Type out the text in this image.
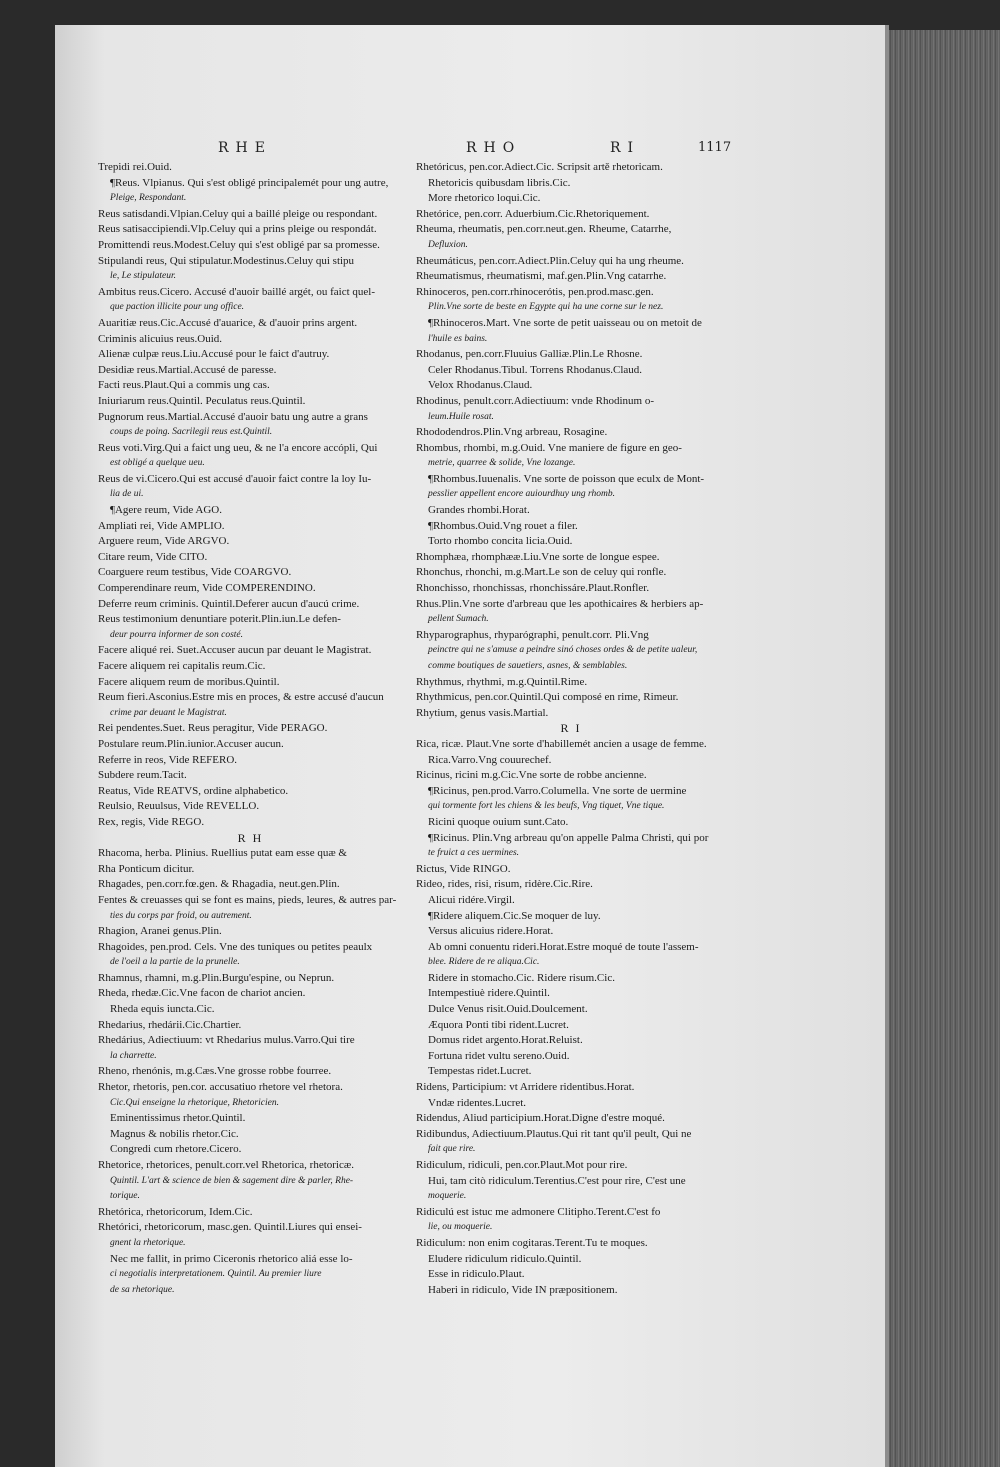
RHE	RHO	RI	1117

Trepidi rei.Ouid.

¶Reus. Vlpianus. Qui s'est obligé principalemét pour ung autre,

Pleige, Respondant.

Reus satisdandi.Vlpian.Celuy qui a baillé pleige ou respondant.

Reus satisaccipiendi.Vlp.Celuy qui a prins pleige ou respondát.

Promittendi reus.Modest.Celuy qui s'est obligé par sa promesse.

Stipulandi reus, Qui stipulatur.Modestinus.Celuy qui stipu

le, Le stipulateur.

Ambitus reus.Cicero. Accusé d'auoir baillé argét, ou faict quel-

que paction illicite pour ung office.

Auaritiæ reus.Cic.Accusé d'auarice, & d'auoir prins argent.

Criminis alicuius reus.Ouid.

Alienæ culpæ reus.Liu.Accusé pour le faict d'autruy.

Desidiæ reus.Martial.Accusé de paresse.

Facti reus.Plaut.Qui a commis ung cas.

Iniuriarum reus.Quintil. Peculatus reus.Quintil.

Pugnorum reus.Martial.Accusé d'auoir batu ung autre a grans

coups de poing. Sacrilegii reus est.Quintil.

Reus voti.Virg.Qui a faict ung ueu, & ne l'a encore accópli, Qui

est obligé a quelque ueu.

Reus de vi.Cicero.Qui est accusé d'auoir faict contre la loy Iu-

lia de ui.

¶Agere reum, Vide AGO.

Ampliati rei, Vide AMPLIO.

Arguere reum, Vide ARGVO.

Citare reum, Vide CITO.

Coarguere reum testibus, Vide COARGVO.

Comperendinare reum, Vide COMPERENDINO.

Deferre reum criminis. Quintil.Deferer aucun d'aucú crime.

Reus testimonium denuntiare poterit.Plin.iun.Le defen-

deur pourra informer de son costé.

Facere aliqué rei. Suet.Accuser aucun par deuant le Magistrat.

Facere aliquem rei capitalis reum.Cic.

Facere aliquem reum de moribus.Quintil.

Reum fieri.Asconius.Estre mis en proces, & estre accusé d'aucun

crime par deuant le Magistrat.

Rei pendentes.Suet. Reus peragitur, Vide PERAGO.

Postulare reum.Plin.iunior.Accuser aucun.

Referre in reos, Vide REFERO.

Subdere reum.Tacit.

Reatus, Vide REATVS, ordine alphabetico.

Reulsio, Reuulsus, Vide REVELLO.

Rex, regis, Vide REGO.

R H

Rhacoma, herba. Plinius. Ruellius putat eam esse quæ &

Rha Ponticum dicitur.

Rhagades, pen.corr.fœ.gen. & Rhagadia, neut.gen.Plin.

Fentes & creuasses qui se font es mains, pieds, leures, & autres par-

ties du corps par froid, ou autrement.

Rhagion, Aranei genus.Plin.

Rhagoides, pen.prod. Cels. Vne des tuniques ou petites peaulx

de l'oeil a la partie de la prunelle.

Rhamnus, rhamni, m.g.Plin.Burgu'espine, ou Neprun.

Rheda, rhedæ.Cic.Vne facon de chariot ancien.

Rheda equis iuncta.Cic.

Rhedarius, rhedárii.Cic.Chartier.

Rhedárius, Adiectiuum: vt Rhedarius mulus.Varro.Qui tire

la charrette.

Rheno, rhenónis, m.g.Cæs.Vne grosse robbe fourree.

Rhetor, rhetoris, pen.cor. accusatiuo rhetore vel rhetora.

Cic.Qui enseigne la rhetorique, Rhetoricien.

Eminentissimus rhetor.Quintil.

Magnus & nobilis rhetor.Cic.

Congredi cum rhetore.Cicero.

Rhetorice, rhetorices, penult.corr.vel Rhetorica, rhetoricæ.

Quintil. L'art & science de bien & sagement dire & parler, Rhe-

torique.

Rhetórica, rhetoricorum, Idem.Cic.

Rhetórici, rhetoricorum, masc.gen. Quintil.Liures qui ensei-

gnent la rhetorique.

Nec me fallit, in primo Ciceronis rhetorico aliá esse lo-

ci negotialis interpretationem. Quintil. Au premier liure

de sa rhetorique.

Rhetóricus, pen.cor.Adiect.Cic. Scripsit artě rhetoricam.

Rhetoricis quibusdam libris.Cic.

More rhetorico loqui.Cic.

Rhetórice, pen.corr. Aduerbium.Cic.Rhetoriquement.

Rheuma, rheumatis, pen.corr.neut.gen. Rheume, Catarrhe,

Defluxion.

Rheumáticus, pen.corr.Adiect.Plin.Celuy qui ha ung rheume.

Rheumatismus, rheumatismi, maf.gen.Plin.Vng catarrhe.

Rhinoceros, pen.corr.rhinocerótis, pen.prod.masc.gen.

Plin.Vne sorte de beste en Egypte qui ha une corne sur le nez.

¶Rhinoceros.Mart. Vne sorte de petit uaisseau ou on metoit de

l'huile es bains.

Rhodanus, pen.corr.Fluuius Galliæ.Plin.Le Rhosne.

Celer Rhodanus.Tibul. Torrens Rhodanus.Claud.

Velox Rhodanus.Claud.

Rhodinus, penult.corr.Adiectiuum: vnde Rhodinum o-

leum.Huile rosat.

Rhododendros.Plin.Vng arbreau, Rosagine.

Rhombus, rhombi, m.g.Ouid. Vne maniere de figure en geo-

metrie, quarree & solide, Vne lozange.

¶Rhombus.Iuuenalis. Vne sorte de poisson que eculx de Mont-

pesslier appellent encore auiourdhuy ung rhomb.

Grandes rhombi.Horat.

¶Rhombus.Ouid.Vng rouet a filer.

Torto rhombo concita licia.Ouid.

Rhomphæa, rhomphææ.Liu.Vne sorte de longue espee.

Rhonchus, rhonchi, m.g.Mart.Le son de celuy qui ronfle.

Rhonchisso, rhonchissas, rhonchissáre.Plaut.Ronfler.

Rhus.Plin.Vne sorte d'arbreau que les apothicaires & herbiers ap-

pellent Sumach.

Rhyparographus, rhyparógraphi, penult.corr. Pli.Vng

peinctre qui ne s'amuse a peindre sinó choses ordes & de petite ualeur,

comme boutiques de sauetiers, asnes, & semblables.

Rhythmus, rhythmi, m.g.Quintil.Rime.

Rhythmicus, pen.cor.Quintil.Qui composé en rime, Rimeur.

Rhytium, genus vasis.Martial.

R I

Rica, ricæ. Plaut.Vne sorte d'habillemét ancien a usage de femme.

Rica.Varro.Vng couurechef.

Ricinus, ricini m.g.Cic.Vne sorte de robbe ancienne.

¶Ricinus, pen.prod.Varro.Columella. Vne sorte de uermine

qui tormente fort les chiens & les beufs, Vng tiquet, Vne tique.

Ricini quoque ouium sunt.Cato.

¶Ricinus. Plin.Vng arbreau qu'on appelle Palma Christi, qui por

te fruict a ces uermines.

Rictus, Vide RINGO.

Rideo, rides, risi, risum, ridère.Cic.Rire.

Alicui ridére.Virgil.

¶Ridere aliquem.Cic.Se moquer de luy.

Versus alicuius ridere.Horat.

Ab omni conuentu rideri.Horat.Estre moqué de toute l'assem-

blee. Ridere de re aliqua.Cic.

Ridere in stomacho.Cic. Ridere risum.Cic.

Intempestiuè ridere.Quintil.

Dulce Venus risit.Ouid.Doulcement.

Æquora Ponti tibi rident.Lucret.

Domus ridet argento.Horat.Reluist.

Fortuna ridet vultu sereno.Ouid.

Tempestas ridet.Lucret.

Ridens, Participium: vt Arridere ridentibus.Horat.

Vndæ ridentes.Lucret.

Ridendus, Aliud participium.Horat.Digne d'estre moqué.

Ridibundus, Adiectiuum.Plautus.Qui rit tant qu'il peult, Qui ne

fait que rire.

Ridiculum, ridiculi, pen.cor.Plaut.Mot pour rire.

Hui, tam citò ridiculum.Terentius.C'est pour rire, C'est une

moquerie.

Ridiculú est istuc me admonere Clitipho.Terent.C'est fo

lie, ou moquerie.

Ridiculum: non enim cogitaras.Terent.Tu te moques.

Eludere ridiculum ridiculo.Quintil.

Esse in ridiculo.Plaut.

Haberi in ridiculo, Vide IN præpositionem.
